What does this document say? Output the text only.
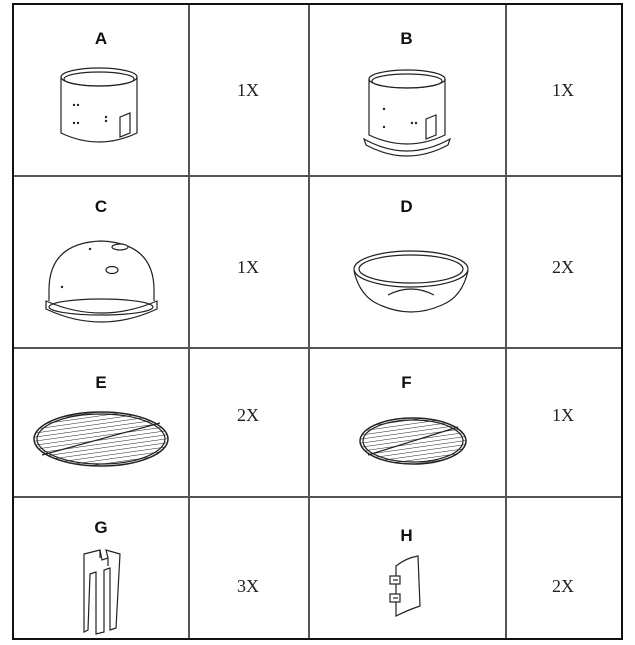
A
1X
B
1X
C
1X
D
2X
E
2X
F
1X
G
3X
H
2X
